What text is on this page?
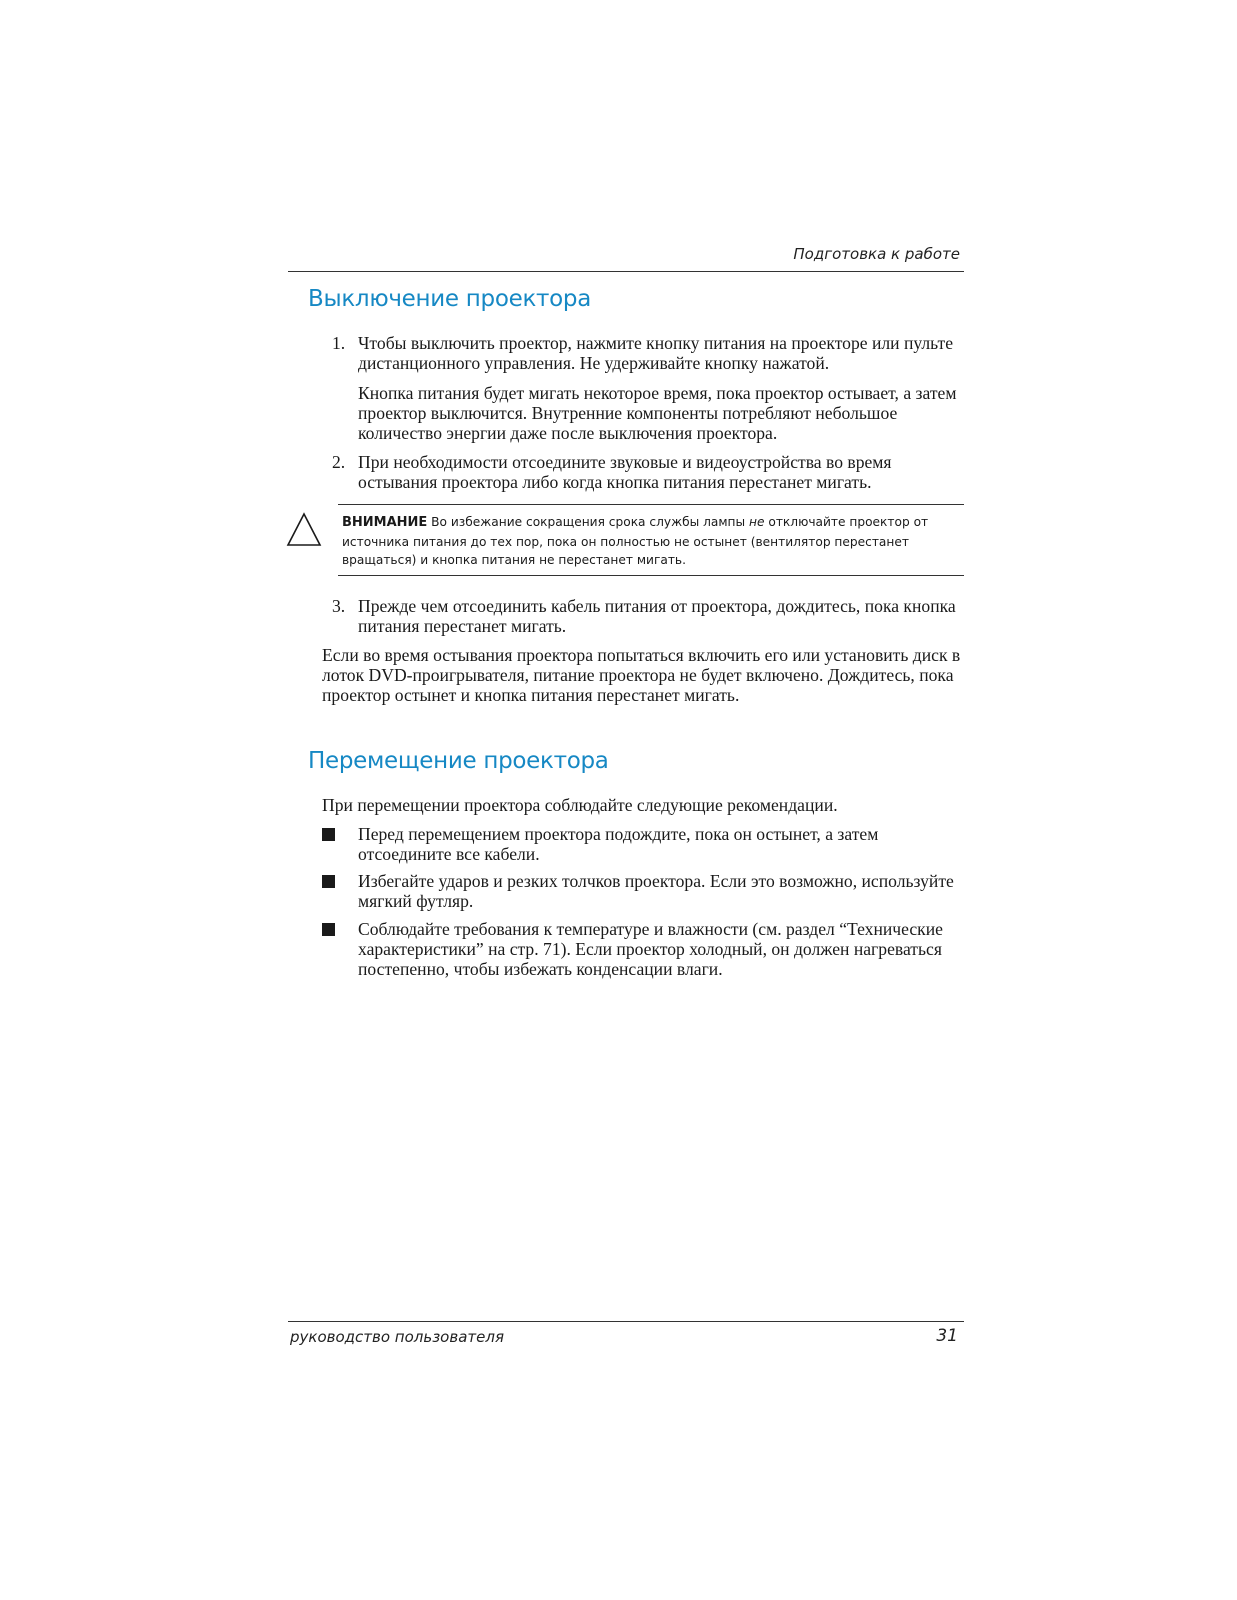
Подготовка к работе
Выключение проектора
1. Чтобы выключить проектор, нажмите кнопку питания на проекторе или пульте дистанционного управления. Не удерживайте кнопку нажатой.

Кнопка питания будет мигать некоторое время, пока проектор остывает, а затем проектор выключится. Внутренние компоненты потребляют небольшое количество энергии даже после выключения проектора.

2. При необходимости отсоедините звуковые и видеоустройства во время остывания проектора либо когда кнопка питания перестанет мигать.
ВНИМАНИЕ Во избежание сокращения срока службы лампы не отключайте проектор от источника питания до тех пор, пока он полностью не остынет (вентилятор перестанет вращаться) и кнопка питания не перестанет мигать.
3. Прежде чем отсоединить кабель питания от проектора, дождитесь, пока кнопка питания перестанет мигать.

Если во время остывания проектора попытаться включить его или установить диск в лоток DVD-проигрывателя, питание проектора не будет включено. Дождитесь, пока проектор остынет и кнопка питания перестанет мигать.

Перемещение проектора

При перемещении проектора соблюдайте следующие рекомендации.

Перед перемещением проектора подождите, пока он остынет, а затем отсоедините все кабели.
Избегайте ударов и резких толчков проектора. Если это возможно, используйте мягкий футляр.
Соблюдайте требования к температуре и влажности (см. раздел “Технические характеристики” на стр. 71). Если проектор холодный, он должен нагреваться постепенно, чтобы избежать конденсации влаги.
руководство пользователя	31
